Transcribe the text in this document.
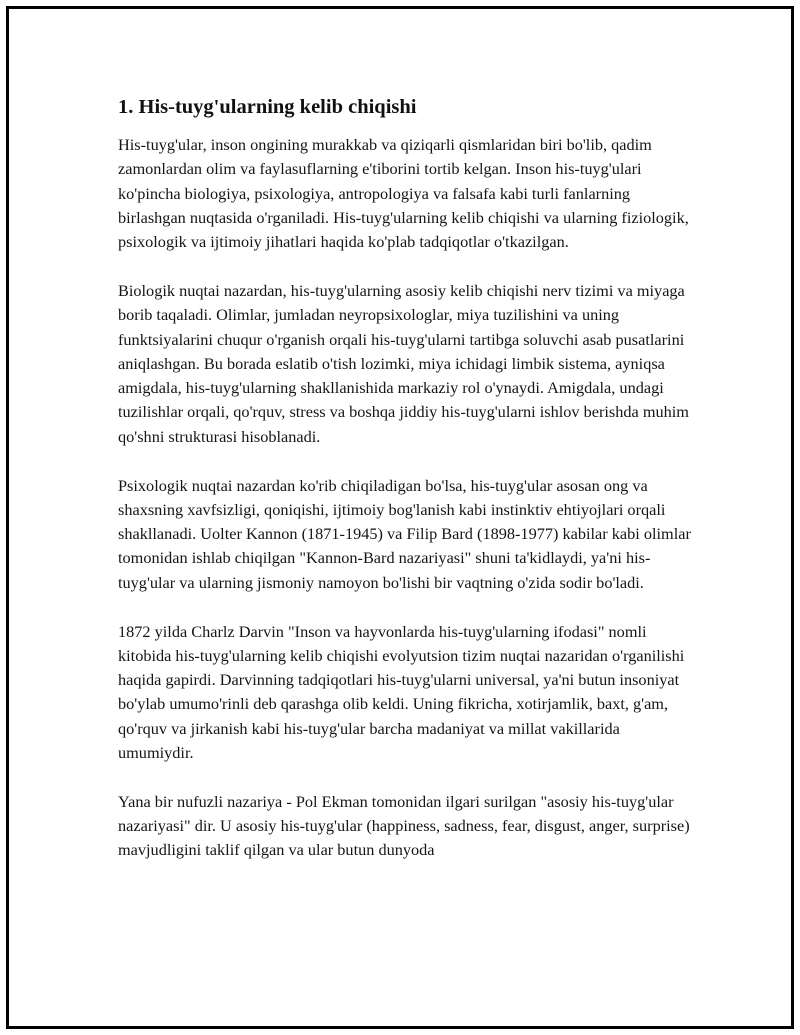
1. His-tuyg'ularning kelib chiqishi

His-tuyg'ular, inson ongining murakkab va qiziqarli qismlaridan biri bo'lib, qadim zamonlardan olim va faylasuflarning e'tiborini tortib kelgan. Inson his-tuyg'ulari ko'pincha biologiya, psixologiya, antropologiya va falsafa kabi turli fanlarning birlashgan nuqtasida o'rganiladi. His-tuyg'ularning kelib chiqishi va ularning fiziologik, psixologik va ijtimoiy jihatlari haqida ko'plab tadqiqotlar o'tkazilgan.

Biologik nuqtai nazardan, his-tuyg'ularning asosiy kelib chiqishi nerv tizimi va miyaga borib taqaladi. Olimlar, jumladan neyropsixologlar, miya tuzilishini va uning funktsiyalarini chuqur o'rganish orqali his-tuyg'ularni tartibga soluvchi asab pusatlarini aniqlashgan. Bu borada eslatib o'tish lozimki, miya ichidagi limbik sistema, ayniqsa amigdala, his-tuyg'ularning shakllanishida markaziy rol o'ynaydi. Amigdala, undagi tuzilishlar orqali, qo'rquv, stress va boshqa jiddiy his-tuyg'ularni ishlov berishda muhim qo'shni strukturasi hisoblanadi.

Psixologik nuqtai nazardan ko'rib chiqiladigan bo'lsa, his-tuyg'ular asosan ong va shaxsning xavfsizligi, qoniqishi, ijtimoiy bog'lanish kabi instinktiv ehtiyojlari orqali shakllanadi. Uolter Kannon (1871-1945) va Filip Bard (1898-1977) kabilar kabi olimlar tomonidan ishlab chiqilgan "Kannon-Bard nazariyasi" shuni ta'kidlaydi, ya'ni his-tuyg'ular va ularning jismoniy namoyon bo'lishi bir vaqtning o'zida sodir bo'ladi.

1872 yilda Charlz Darvin "Inson va hayvonlarda his-tuyg'ularning ifodasi" nomli kitobida his-tuyg'ularning kelib chiqishi evolyutsion tizim nuqtai nazaridan o'rganilishi haqida gapirdi. Darvinning tadqiqotlari his-tuyg'ularni universal, ya'ni butun insoniyat bo'ylab umumo'rinli deb qarashga olib keldi. Uning fikricha, xotirjamlik, baxt, g'am, qo'rquv va jirkanish kabi his-tuyg'ular barcha madaniyat va millat vakillarida umumiydir.

Yana bir nufuzli nazariya - Pol Ekman tomonidan ilgari surilgan "asosiy his-tuyg'ular nazariyasi" dir. U asosiy his-tuyg'ular (happiness, sadness, fear, disgust, anger, surprise) mavjudligini taklif qilgan va ular butun dunyoda
